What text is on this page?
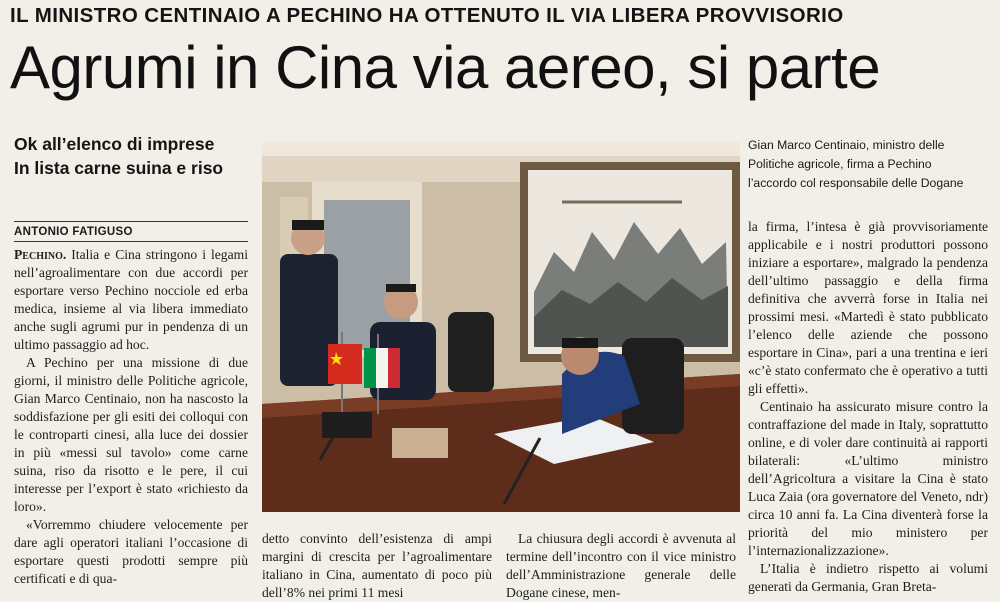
IL MINISTRO CENTINAIO A PECHINO HA OTTENUTO IL VIA LIBERA PROVVISORIO
Agrumi in Cina via aereo, si parte
Ok all’elenco di imprese
In lista carne suina e riso
ANTONIO FATIGUSO

Pechino. Italia e Cina stringono i legami nell’agroalimentare con due accordi per esportare verso Pechino nocciole ed erba medica, insieme al via libera immediato anche sugli agrumi pur in pendenza di un ultimo passaggio ad hoc.

A Pechino per una missione di due giorni, il ministro delle Politiche agricole, Gian Marco Centinaio, non ha nascosto la soddisfazione per gli esiti dei colloqui con le controparti cinesi, alla luce dei dossier in più «messi sul tavolo» come carne suina, riso da risotto e le pere, il cui interesse per l’export è stato «richiesto da loro».

«Vorremmo chiudere velocemente per dare agli operatori italiani l’occasione di esportare questi prodotti sempre più certificati e di qua-

Gian Marco Centinaio, ministro delle
Politiche agricole, firma a Pechino
l’accordo col responsabile delle Dogane

la firma, l’intesa è già provvisoriamente applicabile e i nostri produttori possono iniziare a esportare», malgrado la pendenza dell’ultimo passaggio e della firma definitiva che avverrà forse in Italia nei prossimi mesi. «Martedì è stato pubblicato l’elenco delle aziende che possono esportare in Cina», pari a una trentina e ieri «c’è stato confermato che è operativo a tutti gli effetti».

Centinaio ha assicurato misure contro la contraffazione del made in Italy, soprattutto online, e di voler dare continuità ai rapporti bilaterali: «L’ultimo ministro dell’Agricoltura a visitare la Cina è stato Luca Zaia (ora governatore del Veneto, ndr) circa 10 anni fa. La Cina diventerà forse la priorità del mio ministero per l’internazionalizzazione».

L’Italia è indietro rispetto ai volumi generati da Germania, Gran Breta-

detto convinto dell’esistenza di ampi margini di crescita per l’agroalimentare italiano in Cina, aumentato di poco più dell’8% nei primi 11 mesi

La chiusura degli accordi è avvenuta al termine dell’incontro con il vice ministro dell’Amministrazione generale delle Dogane cinese, men-
